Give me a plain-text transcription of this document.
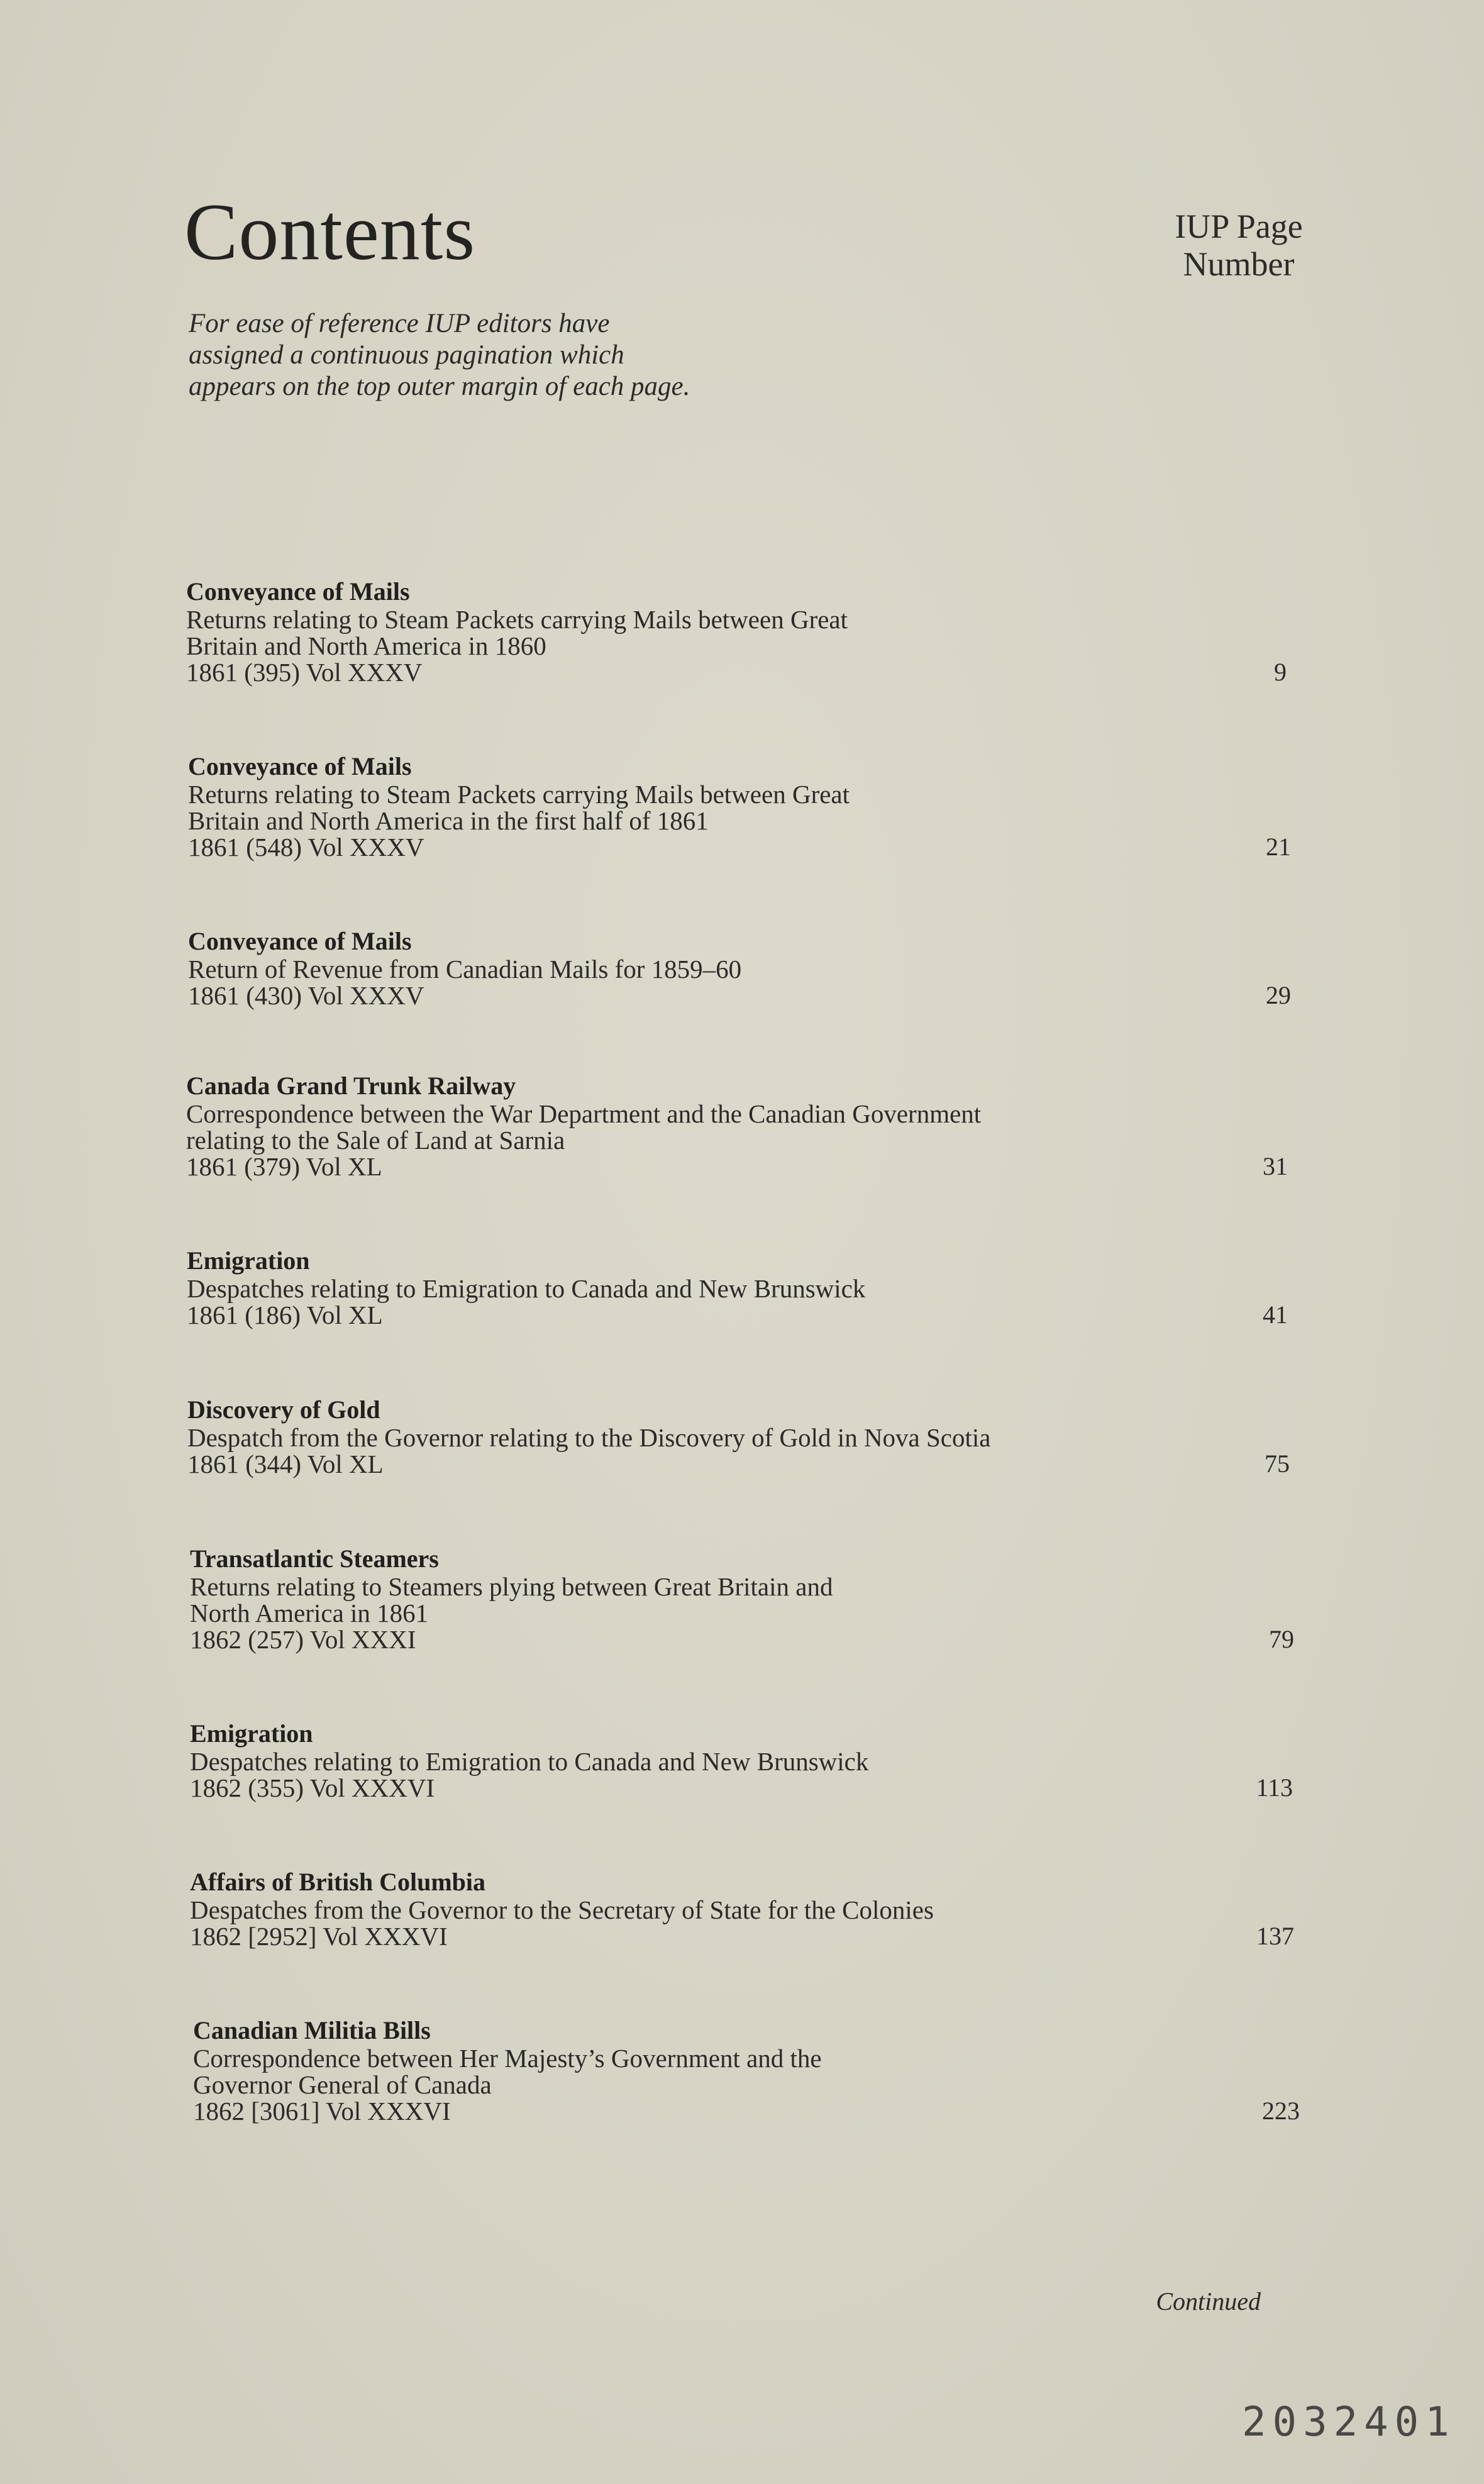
Contents	IUP Page
Number
For ease of reference IUP editors have
assigned a continuous pagination which
appears on the top outer margin of each page.
Conveyance of Mails
Returns relating to Steam Packets carrying Mails between Great
Britain and North America in 1860
1861 (395) Vol XXXV	9
Conveyance of Mails
Returns relating to Steam Packets carrying Mails between Great
Britain and North America in the first half of 1861
1861 (548) Vol XXXV	21
Conveyance of Mails
Return of Revenue from Canadian Mails for 1859–60
1861 (430) Vol XXXV	29
Canada Grand Trunk Railway
Correspondence between the War Department and the Canadian Government
relating to the Sale of Land at Sarnia
1861 (379) Vol XL	31
Emigration
Despatches relating to Emigration to Canada and New Brunswick
1861 (186) Vol XL	41
Discovery of Gold
Despatch from the Governor relating to the Discovery of Gold in Nova Scotia
1861 (344) Vol XL	75
Transatlantic Steamers
Returns relating to Steamers plying between Great Britain and
North America in 1861
1862 (257) Vol XXXI	79
Emigration
Despatches relating to Emigration to Canada and New Brunswick
1862 (355) Vol XXXVI	113
Affairs of British Columbia
Despatches from the Governor to the Secretary of State for the Colonies
1862 [2952] Vol XXXVI	137
Canadian Militia Bills
Correspondence between Her Majesty’s Government and the
Governor General of Canada
1862 [3061] Vol XXXVI	223
Continued
2032401
